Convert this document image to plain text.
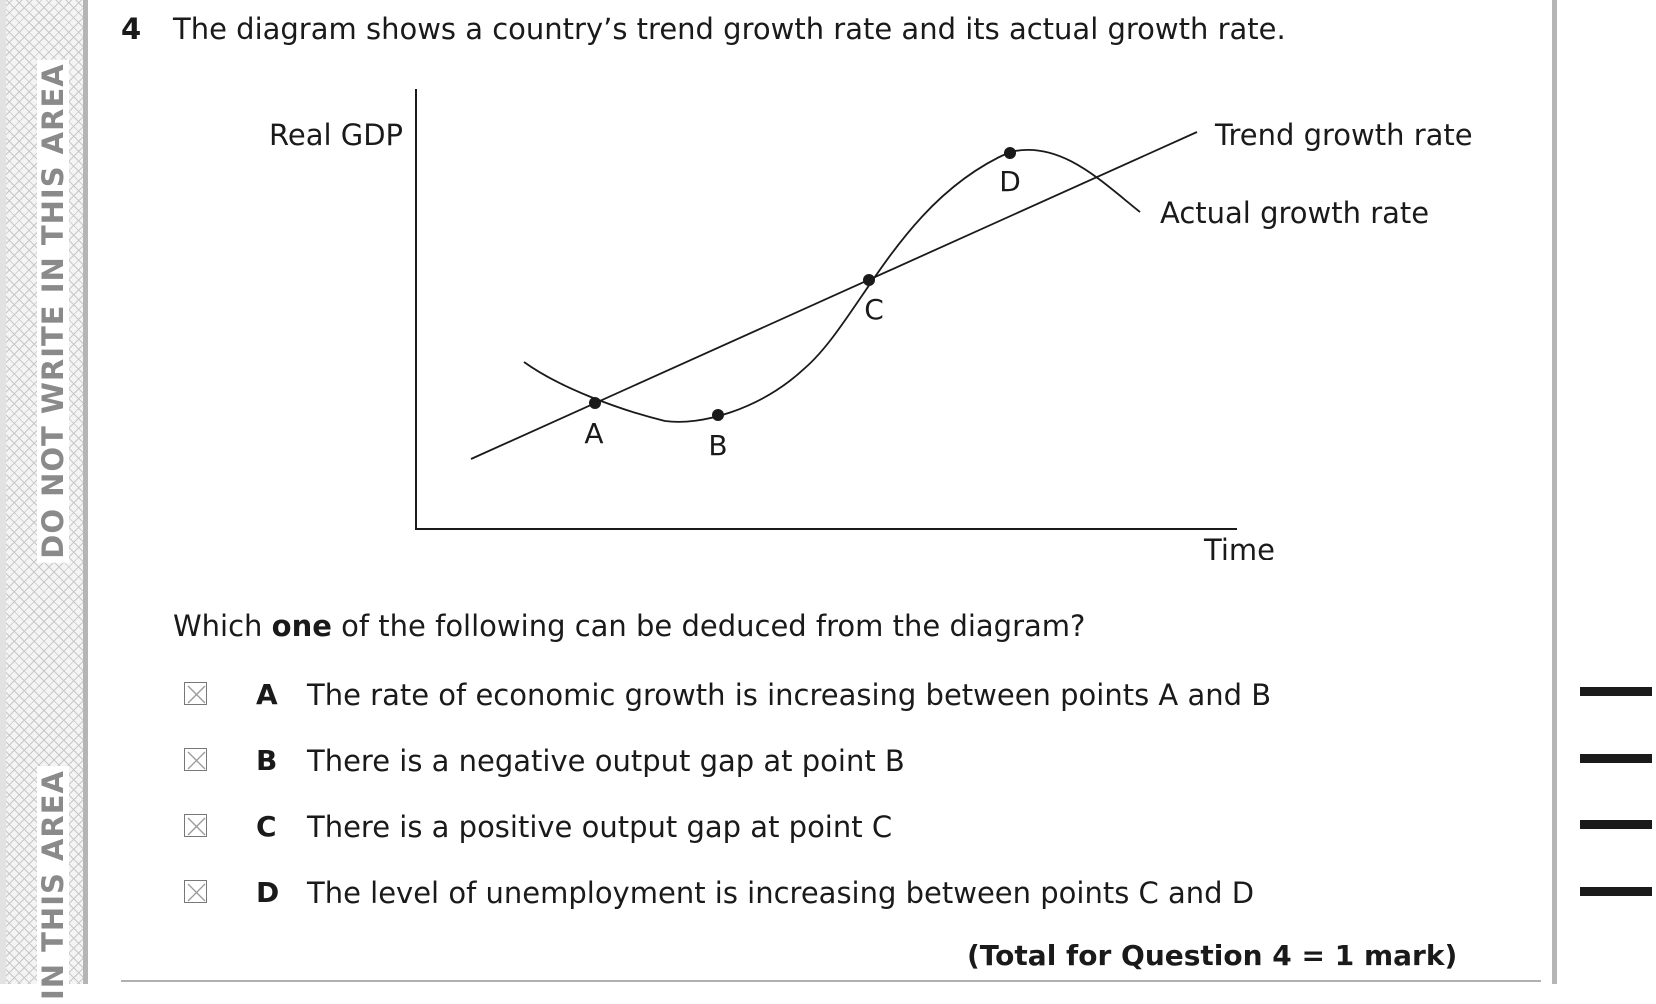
DO NOT WRITE IN THIS AREA
IN THIS AREA
4 The diagram shows a country’s trend growth rate and its actual growth rate.
Real GDP
Time
Trend growth rate
Actual growth rate
A	B
C
D
Which one of the following can be deduced from the diagram?
A The rate of economic growth is increasing between points A and B
B There is a negative output gap at point B
C There is a positive output gap at point C
D The level of unemployment is increasing between points C and D
(Total for Question 4 = 1 mark)
